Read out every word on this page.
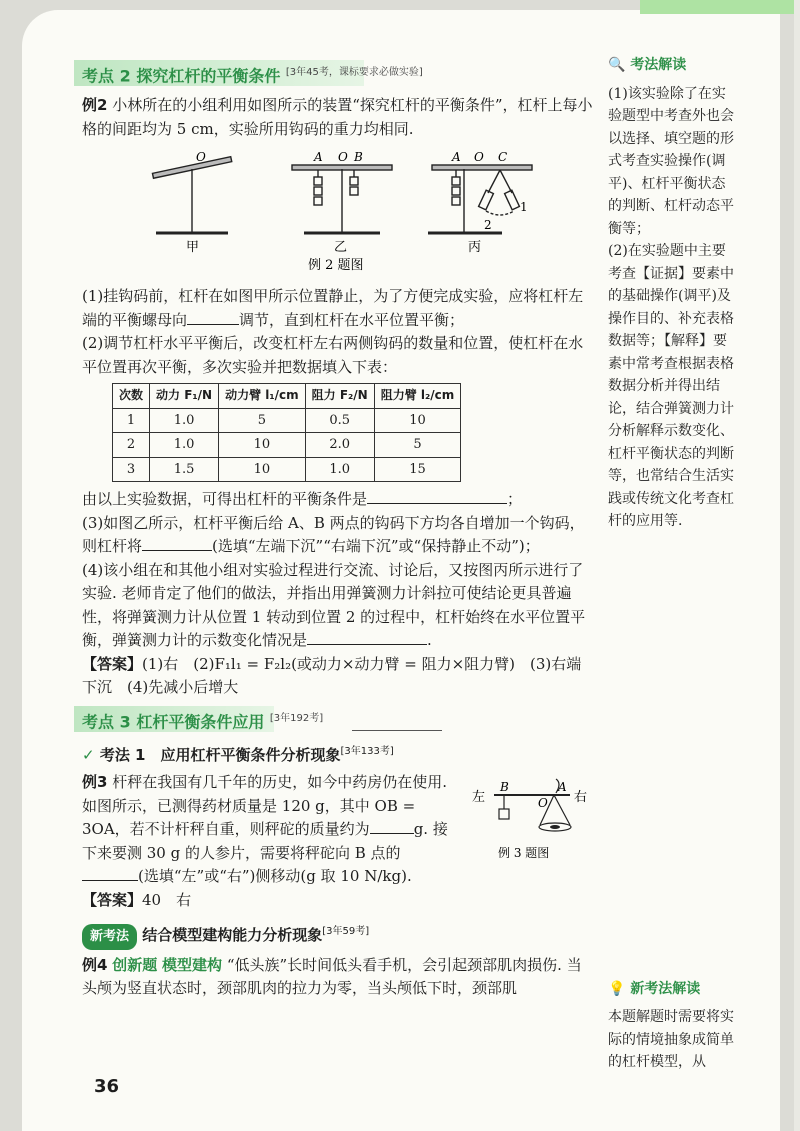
考点 2 探究杠杆的平衡条件 [3年45考，课标要求必做实验]

例2 小林所在的小组利用如图所示的装置“探究杠杆的平衡条件”，杠杆上每小格的间距均为 5 cm，实验所用钩码的重力均相同.

O
甲
A O B
乙
A O C
1
2
丙
例 2 题图

(1)挂钩码前，杠杆在如图甲所示位置静止，为了方便完成实验，应将杠杆左端的平衡螺母向	调节，直到杠杆在水平位置平衡；

(2)调节杠杆水平平衡后，改变杠杆左右两侧钩码的数量和位置，使杠杆在水平位置再次平衡，多次实验并把数据填入下表：

次数	动力 F₁/N	动力臂 l₁/cm	阻力 F₂/N	阻力臂 l₂/cm
1	1.0	5	0.5	10
2	1.0	10	2.0	5
3	1.5	10	1.0	15

由以上实验数据，可得出杠杆的平衡条件是	；

(3)如图乙所示，杠杆平衡后给 A、B 两点的钩码下方均各自增加一个钩码，则杠杆将	(选填“左端下沉”“右端下沉”或“保持静止不动”)；

(4)该小组在和其他小组对实验过程进行交流、讨论后，又按图丙所示进行了实验. 老师肯定了他们的做法，并指出用弹簧测力计斜拉可使结论更具普遍性，将弹簧测力计从位置 1 转动到位置 2 的过程中，杠杆始终在水平位置平衡，弹簧测力计的示数变化情况是	.

【答案】(1)右　(2)F₁l₁ = F₂l₂(或动力×动力臂 = 阻力×阻力臂)　(3)右端下沉　(4)先减小后增大

考点 3 杠杆平衡条件应用 [3年192考]
✓ 考法 1　 应用杠杆平衡条件分析现象[3年133考]

例3 杆秤在我国有几千年的历史，如今中药房仍在使用. 如图所示，已测得药材质量是 120 g，其中 OB = 3OA，若不计杆秤自重，则秤砣的质量约为	g. 接下来要测 30 g 的人参片，需要将秤砣向 B 点的(选填“左”或“右”)侧移动(g 取 10 N/kg).

左	右
B
O
A
例 3 题图

【答案】40　右

新考法 结合模型建构能力分析现象[3年59考]

例4 创新题 模型建构 “低头族”长时间低头看手机，会引起颈部肌肉损伤. 当头颅为竖直状态时，颈部肌肉的拉力为零，当头颅低下时，颈部肌

🔍 考法解读

(1)该实验除了在实验题型中考查外也会以选择、填空题的形式考查实验操作(调平)、杠杆平衡状态的判断、杠杆动态平衡等；

(2)在实验题中主要考查【证据】要素中的基础操作(调平)及操作目的、补充表格数据等；【解释】要素中常考查根据表格数据分析并得出结论，结合弹簧测力计分析解释示数变化、杠杆平衡状态的判断等，也常结合生活实践或传统文化考查杠杆的应用等.

💡 新考法解读

本题解题时需要将实际的情境抽象成简单的杠杆模型，从

36
